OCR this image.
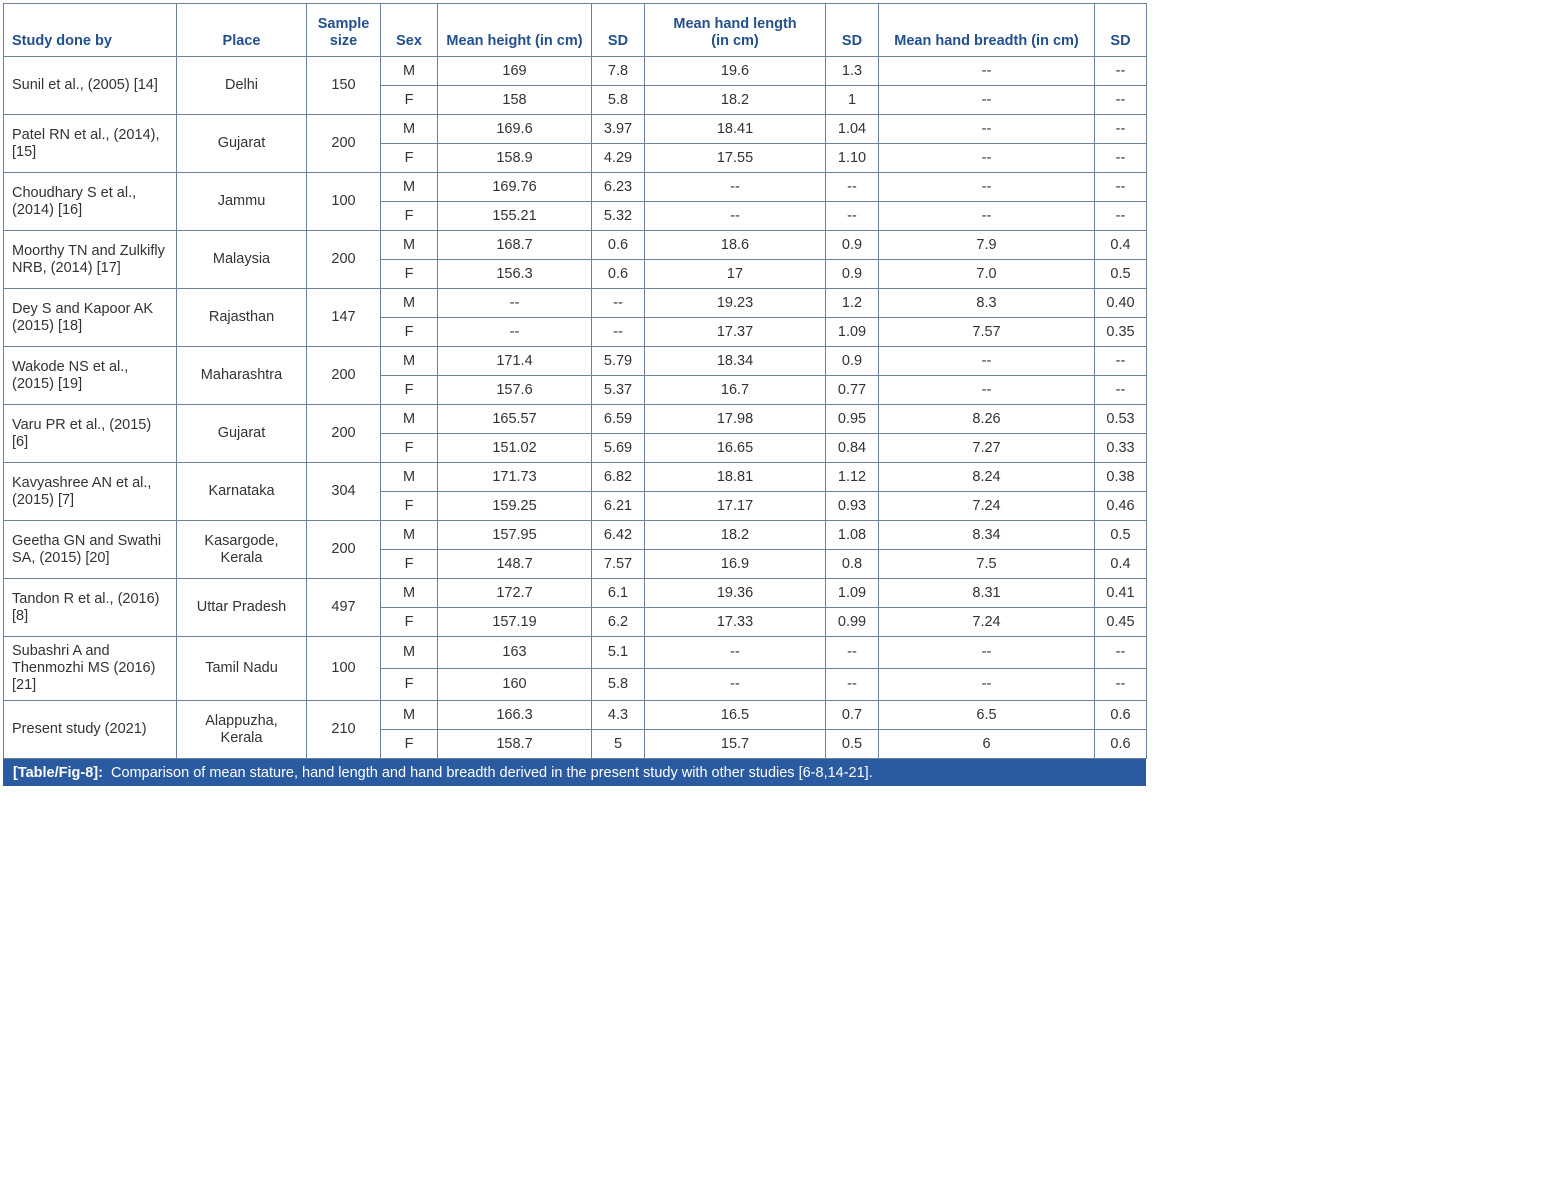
Study done by	Place	Sample
size	Sex	Mean height (in cm)	SD	Mean hand length
(in cm)	SD	Mean hand breadth (in cm)	SD
Sunil et al., (2005) [14]	Delhi	150	M	169	7.8	19.6	1.3	--	--
			F	158	5.8	18.2	1	--	--
Patel RN et al., (2014),
[15]	Gujarat	200	M	169.6	3.97	18.41	1.04	--	--
			F	158.9	4.29	17.55	1.10	--	--
Choudhary S et al.,
(2014) [16]	Jammu	100	M	169.76	6.23	--	--	--	--
			F	155.21	5.32	--	--	--	--
Moorthy TN and Zulkifly
NRB, (2014) [17]	Malaysia	200	M	168.7	0.6	18.6	0.9	7.9	0.4
			F	156.3	0.6	17	0.9	7.0	0.5
Dey S and Kapoor AK
(2015) [18]	Rajasthan	147	M	--	--	19.23	1.2	8.3	0.40
			F	--	--	17.37	1.09	7.57	0.35
Wakode NS et al.,
(2015) [19]	Maharashtra	200	M	171.4	5.79	18.34	0.9	--	--
			F	157.6	5.37	16.7	0.77	--	--
Varu PR et al., (2015)
[6]	Gujarat	200	M	165.57	6.59	17.98	0.95	8.26	0.53
			F	151.02	5.69	16.65	0.84	7.27	0.33
Kavyashree AN et al.,
(2015) [7]	Karnataka	304	M	171.73	6.82	18.81	1.12	8.24	0.38
			F	159.25	6.21	17.17	0.93	7.24	0.46
Geetha GN and Swathi
SA, (2015) [20]	Kasargode,
Kerala	200	M	157.95	6.42	18.2	1.08	8.34	0.5
			F	148.7	7.57	16.9	0.8	7.5	0.4
Tandon R et al., (2016)
[8]	Uttar Pradesh	497	M	172.7	6.1	19.36	1.09	8.31	0.41
			F	157.19	6.2	17.33	0.99	7.24	0.45
Subashri A and
Thenmozhi MS (2016)
[21]	Tamil Nadu	100	M	163	5.1	--	--	--	--
			F	160	5.8	--	--	--	--
Present study (2021)	Alappuzha,
Kerala	210	M	166.3	4.3	16.5	0.7	6.5	0.6
			F	158.7	5	15.7	0.5	6	0.6
[Table/Fig-8]: Comparison of mean stature, hand length and hand breadth derived in the present study with other studies [6-8,14-21].
